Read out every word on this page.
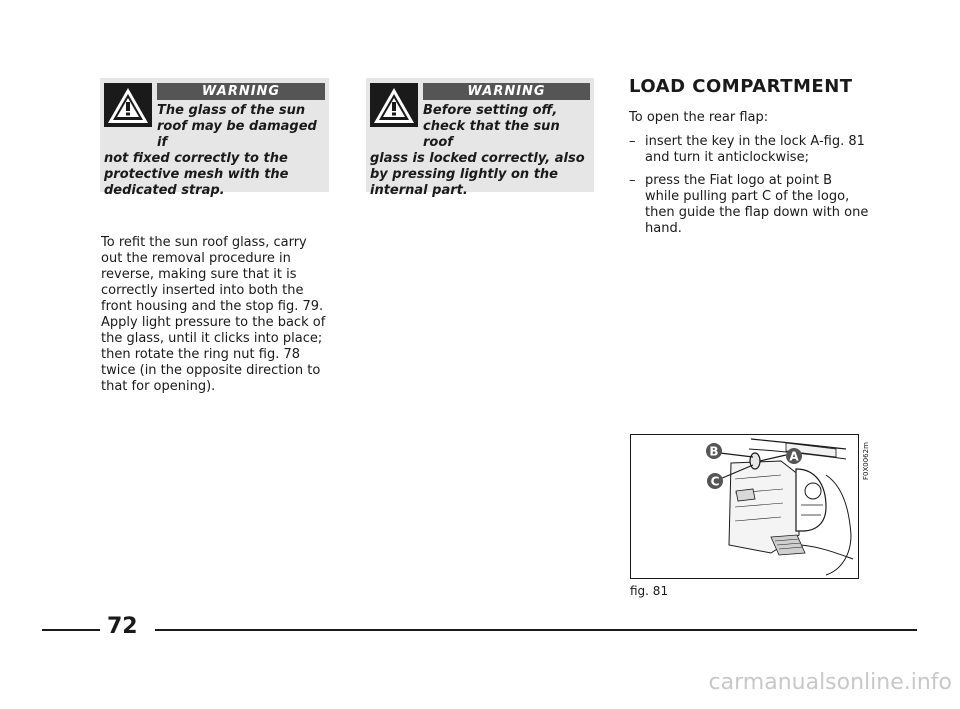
WARNING
The glass of the sun
roof may be damaged if
not fixed correctly to the protective mesh with the dedicated strap.
WARNING
Before setting off,
check that the sun roof
glass is locked correctly, also by pressing lightly on the internal part.

To refit the sun roof glass, carry out the removal procedure in reverse, making sure that it is correctly inserted into both the front housing and the stop fig. 79. Apply light pressure to the back of the glass, until it clicks into place; then rotate the ring nut fig. 78 twice (in the opposite direction to that for opening).

LOAD COMPARTMENT

To open the rear flap:

– insert the key in the lock A-fig. 81 and turn it anticlockwise;
– press the Fiat logo at point B while pulling part C of the logo, then guide the flap down with one hand.
B
C
A	F0X0062m
fig. 81
72
carmanualsonline.info
